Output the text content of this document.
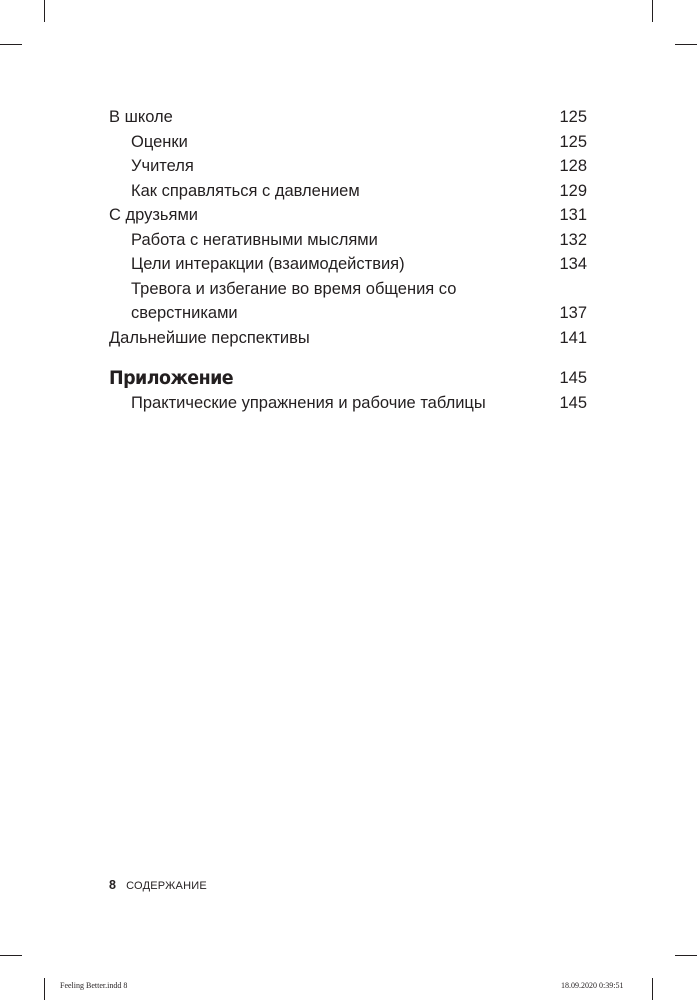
В школе	125
Оценки	125
Учителя	128
Как справляться с давлением	129
С друзьями	131
Работа с негативными мыслями	132
Цели интеракции (взаимодействия)	134
Тревога и избегание во время общения со сверстниками	137
Дальнейшие перспективы	141
Приложение	145
Практические упражнения и рабочие таблицы	145
8 СОДЕРЖАНИЕ
Feeling Better.indd 8	18.09.2020 0:39:51
